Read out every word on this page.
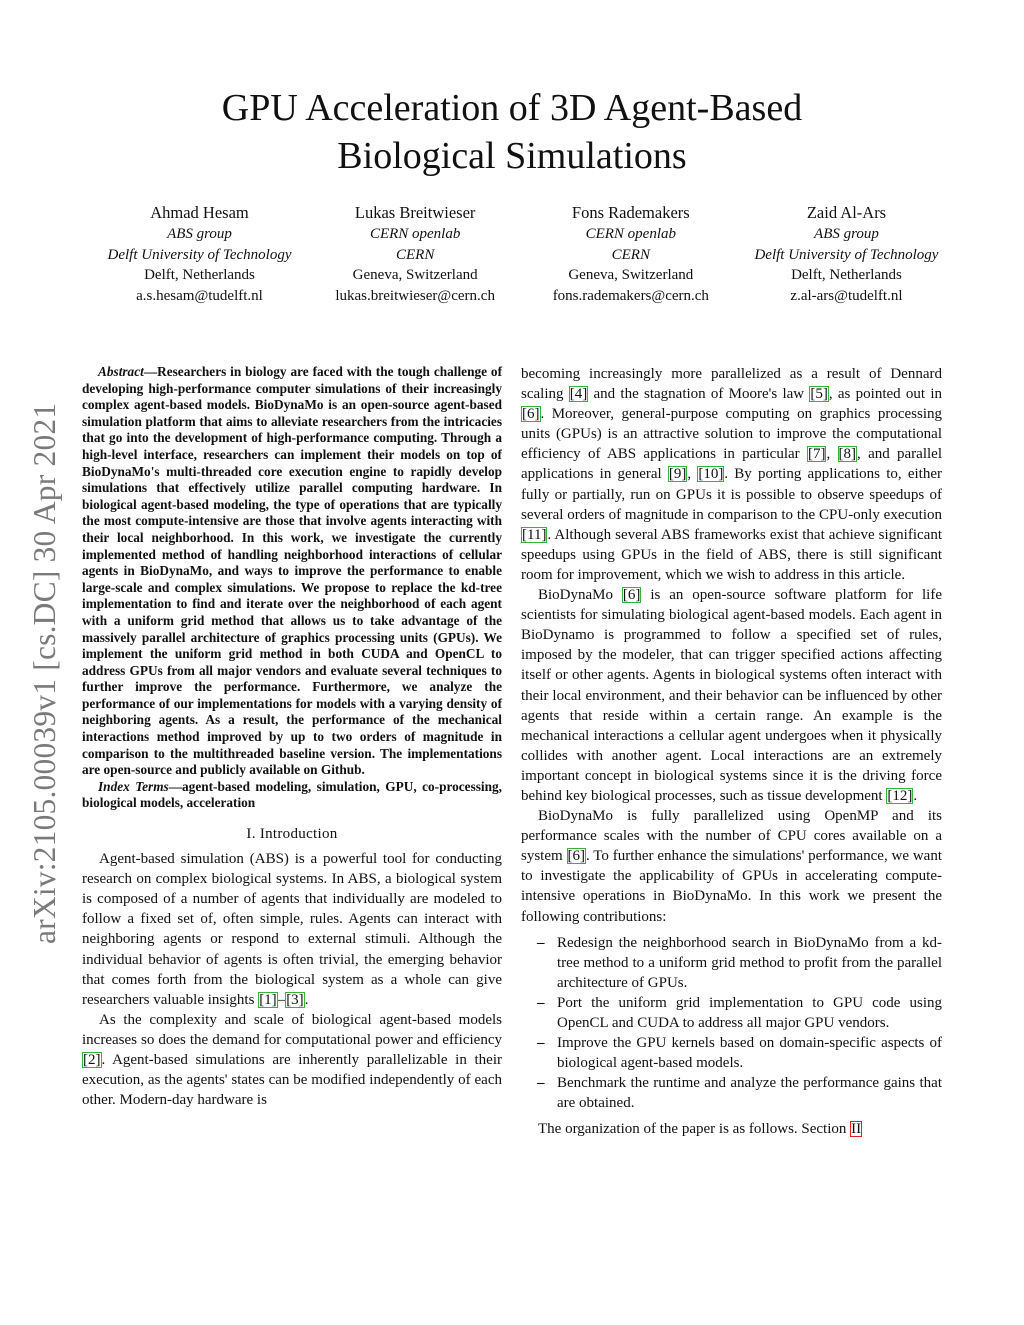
GPU Acceleration of 3D Agent-Based
Biological Simulations
Ahmad Hesam
ABS group
Delft University of Technology
Delft, Netherlands
a.s.hesam@tudelft.nl
Lukas Breitwieser
CERN openlab
CERN
Geneva, Switzerland
lukas.breitwieser@cern.ch
Fons Rademakers
CERN openlab
CERN
Geneva, Switzerland
fons.rademakers@cern.ch
Zaid Al-Ars
ABS group
Delft University of Technology
Delft, Netherlands
z.al-ars@tudelft.nl
arXiv:2105.00039v1 [cs.DC] 30 Apr 2021

Abstract—Researchers in biology are faced with the tough challenge of developing high-performance computer simulations of their increasingly complex agent-based models. BioDynaMo is an open-source agent-based simulation platform that aims to alleviate researchers from the intricacies that go into the development of high-performance computing. Through a high-level interface, researchers can implement their models on top of BioDynaMo's multi-threaded core execution engine to rapidly develop simulations that effectively utilize parallel computing hardware. In biological agent-based modeling, the type of operations that are typically the most compute-intensive are those that involve agents interacting with their local neighborhood. In this work, we investigate the currently implemented method of handling neighborhood interactions of cellular agents in BioDynaMo, and ways to improve the performance to enable large-scale and complex simulations. We propose to replace the kd-tree implementation to find and iterate over the neighborhood of each agent with a uniform grid method that allows us to take advantage of the massively parallel architecture of graphics processing units (GPUs). We implement the uniform grid method in both CUDA and OpenCL to address GPUs from all major vendors and evaluate several techniques to further improve the performance. Furthermore, we analyze the performance of our implementations for models with a varying density of neighboring agents. As a result, the performance of the mechanical interactions method improved by up to two orders of magnitude in comparison to the multithreaded baseline version. The implementations are open-source and publicly available on Github.

Index Terms—agent-based modeling, simulation, GPU, co-processing, biological models, acceleration

I. Introduction

Agent-based simulation (ABS) is a powerful tool for conducting research on complex biological systems. In ABS, a biological system is composed of a number of agents that individually are modeled to follow a fixed set of, often simple, rules. Agents can interact with neighboring agents or respond to external stimuli. Although the individual behavior of agents is often trivial, the emerging behavior that comes forth from the biological system as a whole can give researchers valuable insights [1]–[3].

As the complexity and scale of biological agent-based models increases so does the demand for computational power and efficiency [2]. Agent-based simulations are inherently parallelizable in their execution, as the agents' states can be modified independently of each other. Modern-day hardware is

becoming increasingly more parallelized as a result of Dennard scaling [4] and the stagnation of Moore's law [5], as pointed out in [6]. Moreover, general-purpose computing on graphics processing units (GPUs) is an attractive solution to improve the computational efficiency of ABS applications in particular [7], [8], and parallel applications in general [9], [10]. By porting applications to, either fully or partially, run on GPUs it is possible to observe speedups of several orders of magnitude in comparison to the CPU-only execution [11]. Although several ABS frameworks exist that achieve significant speedups using GPUs in the field of ABS, there is still significant room for improvement, which we wish to address in this article.

BioDynaMo [6] is an open-source software platform for life scientists for simulating biological agent-based models. Each agent in BioDynamo is programmed to follow a specified set of rules, imposed by the modeler, that can trigger specified actions affecting itself or other agents. Agents in biological systems often interact with their local environment, and their behavior can be influenced by other agents that reside within a certain range. An example is the mechanical interactions a cellular agent undergoes when it physically collides with another agent. Local interactions are an extremely important concept in biological systems since it is the driving force behind key biological processes, such as tissue development [12].

BioDynaMo is fully parallelized using OpenMP and its performance scales with the number of CPU cores available on a system [6]. To further enhance the simulations' performance, we want to investigate the applicability of GPUs in accelerating compute-intensive operations in BioDynaMo. In this work we present the following contributions:

– Redesign the neighborhood search in BioDynaMo from a kd-tree method to a uniform grid method to profit from the parallel architecture of GPUs.
– Port the uniform grid implementation to GPU code using OpenCL and CUDA to address all major GPU vendors.
– Improve the GPU kernels based on domain-specific aspects of biological agent-based models.
– Benchmark the runtime and analyze the performance gains that are obtained.

The organization of the paper is as follows. Section II
